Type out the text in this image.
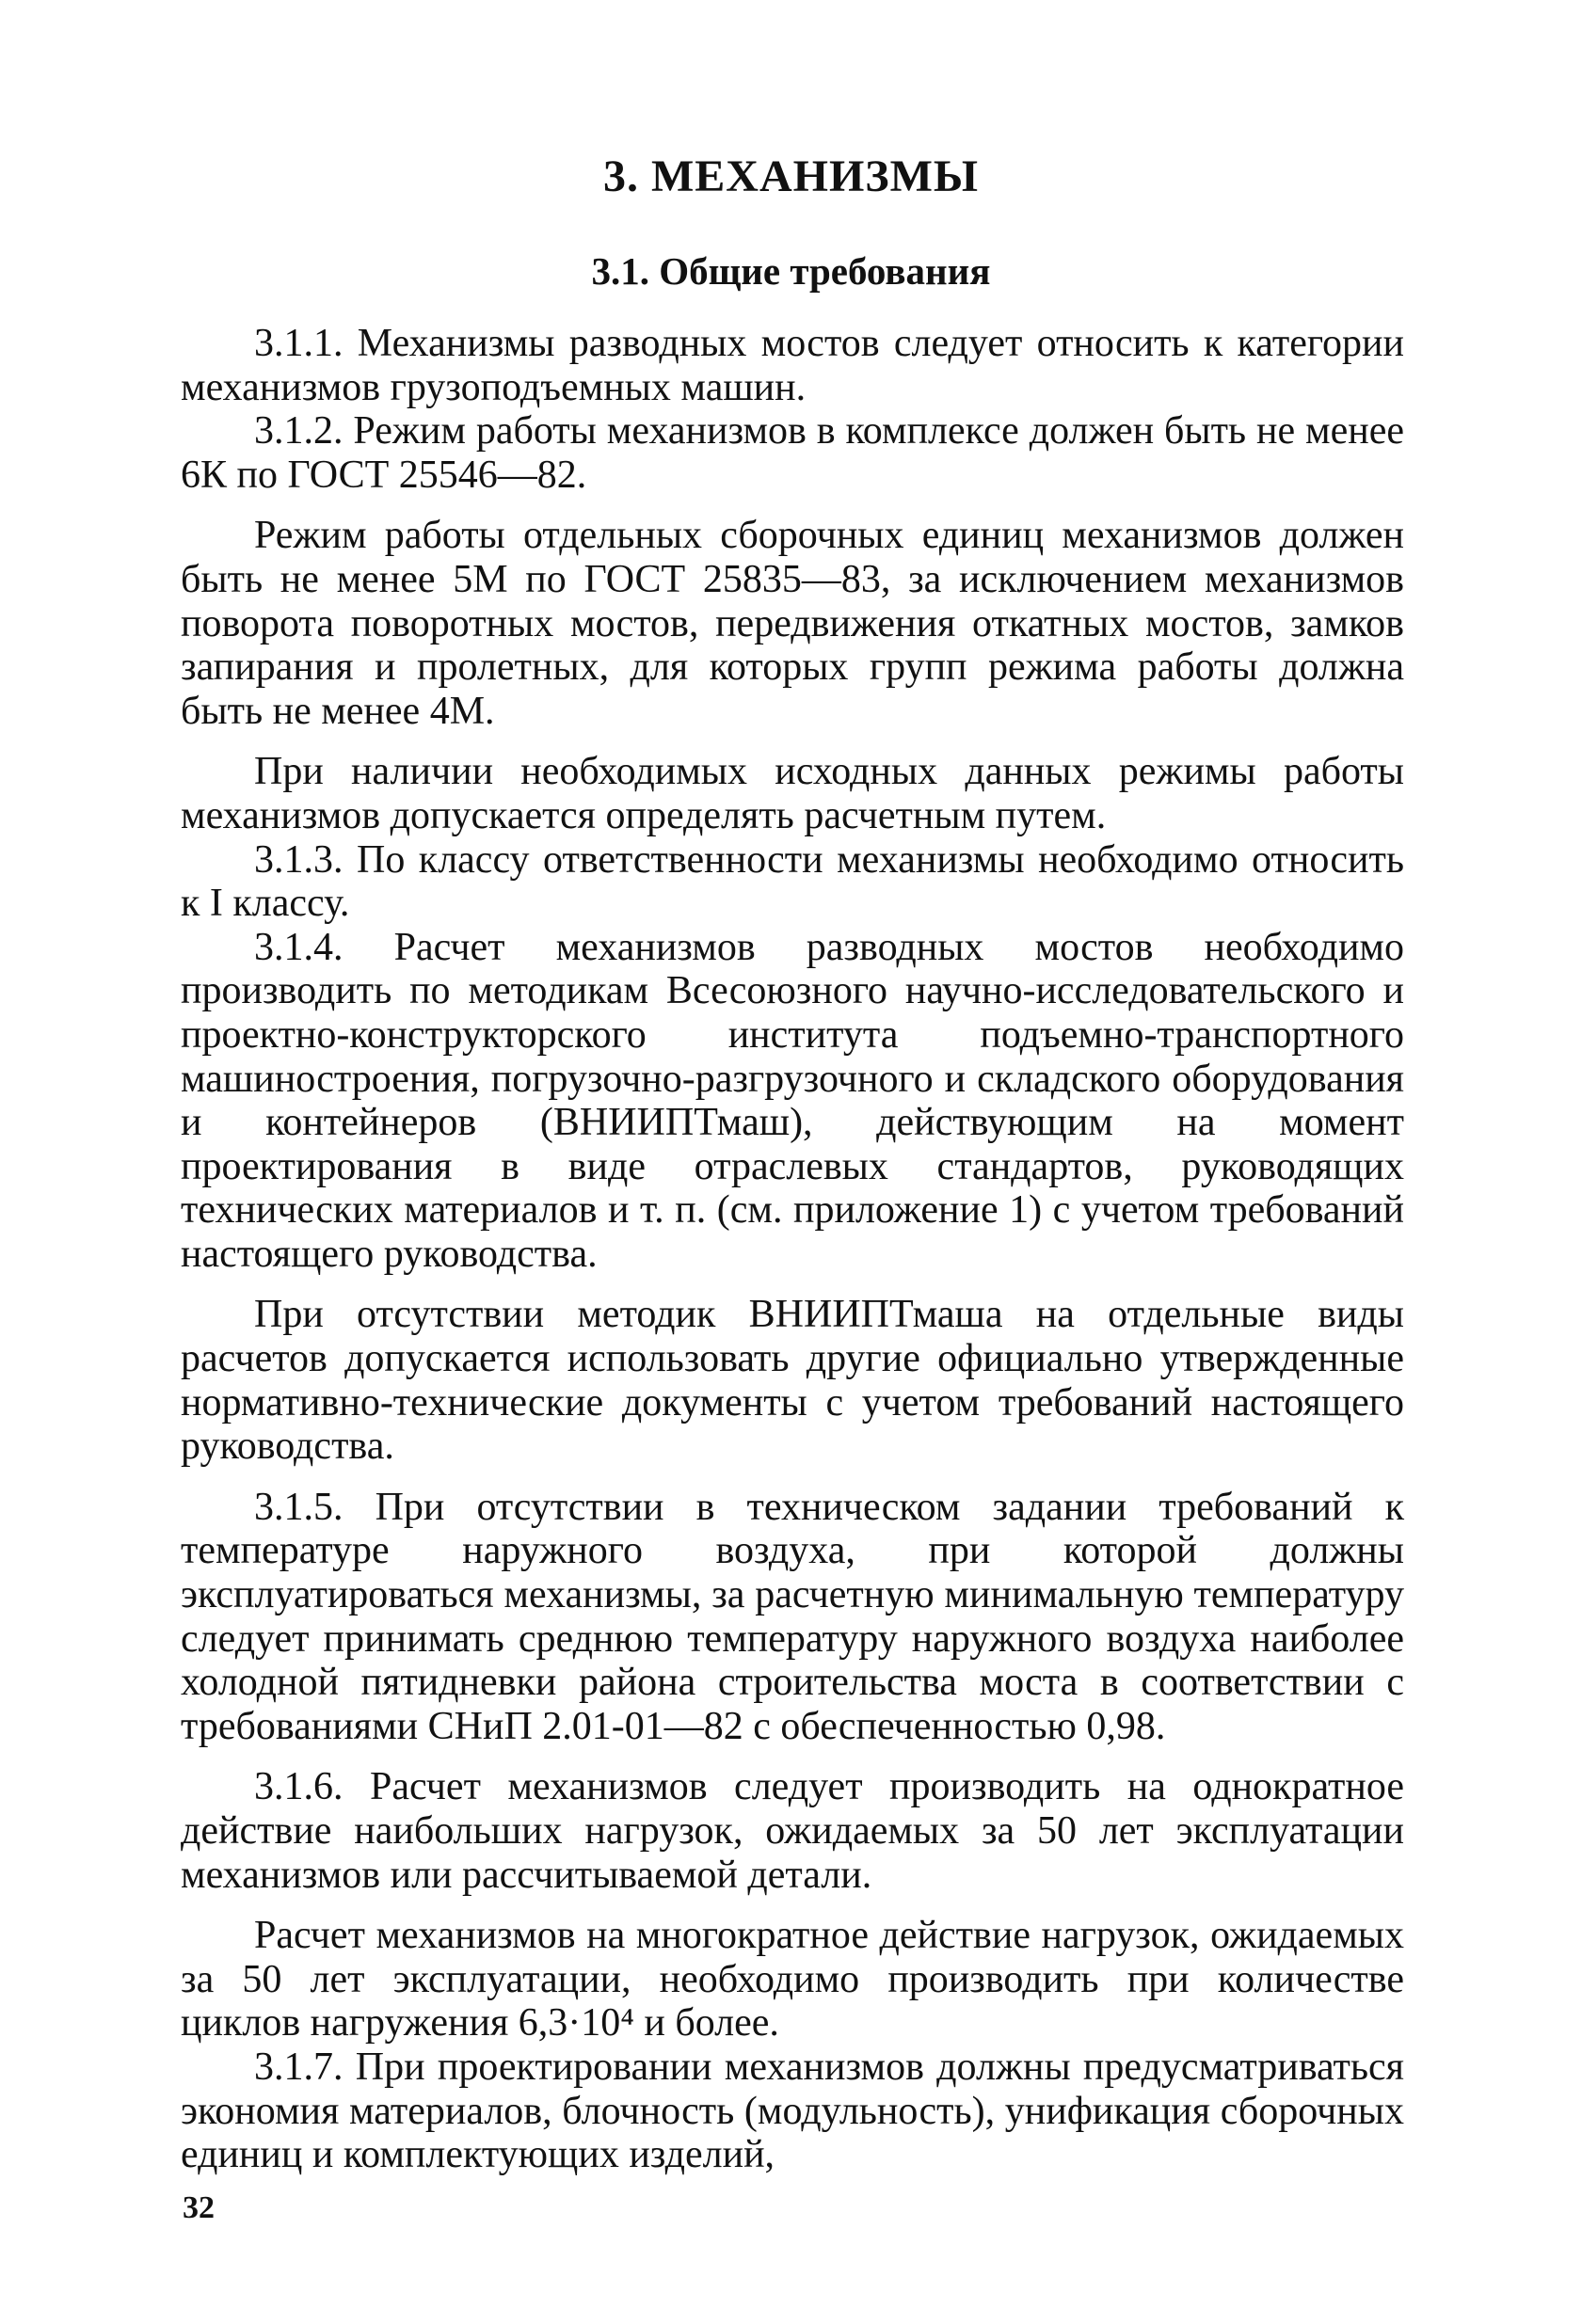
3. МЕХАНИЗМЫ
3.1. Общие требования

3.1.1. Механизмы разводных мостов следует относить к категории механизмов грузоподъемных машин.

3.1.2. Режим работы механизмов в комплексе должен быть не менее 6К по ГОСТ 25546—82.

Режим работы отдельных сборочных единиц механизмов должен быть не менее 5М по ГОСТ 25835—83, за исключением механизмов поворота поворотных мостов, передвижения откатных мостов, замков запирания и пролетных, для которых групп режима работы должна быть не менее 4М.

При наличии необходимых исходных данных режимы работы механизмов допускается определять расчетным путем.

3.1.3. По классу ответственности механизмы необходимо относить к I классу.

3.1.4. Расчет механизмов разводных мостов необходимо производить по методикам Всесоюзного научно-исследовательского и проектно-конструкторского института подъемно-транспортного машиностроения, погрузочно-разгрузочного и складского оборудования и контейнеров (ВНИИПТмаш), действующим на момент проектирования в виде отраслевых стандартов, руководящих технических материалов и т. п. (см. приложение 1) с учетом требований настоящего руководства.

При отсутствии методик ВНИИПТмаша на отдельные виды расчетов допускается использовать другие официально утвержденные нормативно-технические документы с учетом требований настоящего руководства.

3.1.5. При отсутствии в техническом задании требований к температуре наружного воздуха, при которой должны эксплуатироваться механизмы, за расчетную минимальную температуру следует принимать среднюю температуру наружного воздуха наиболее холодной пятидневки района строительства моста в соответствии с требованиями СНиП 2.01-01—82 с обеспеченностью 0,98.

3.1.6. Расчет механизмов следует производить на однократное действие наибольших нагрузок, ожидаемых за 50 лет эксплуатации механизмов или рассчитываемой детали.

Расчет механизмов на многократное действие нагрузок, ожидаемых за 50 лет эксплуатации, необходимо производить при количестве циклов нагружения 6,3·10⁴ и более.

3.1.7. При проектировании механизмов должны предусматриваться экономия материалов, блочность (модульность), унификация сборочных единиц и комплектующих изделий,

32
